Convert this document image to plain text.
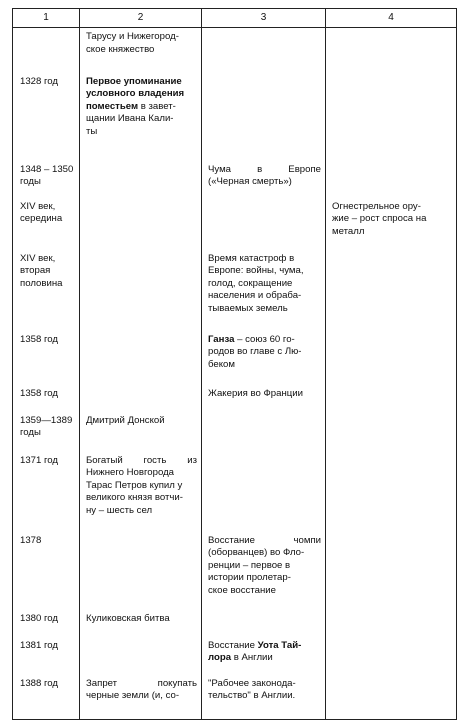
1	2	3	4

	Тарусу и Нижегород-
ское княжество		

1328 год	Первое упоминание
условного владения
поместьем в завет-
щании Ивана Кали-
ты		

1348 – 1350
годы		Чума в Европе
(«Черная смерть»)	

XIV век,
середина			Огнестрельное ору-
жие – рост спроса на
металл

XIV век,
вторая
половина		Время катастроф в
Европе: войны, чума,
голод, сокращение
населения и обраба-
тываемых земель	

1358 год		Ганза – союз 60 го-
родов во главе с Лю-
беком	

1358 год		Жакерия во Франции	

1359—1389
годы	Дмитрий Донской		

1371 год	Богатый гость из
Нижнего Новгорода
Тарас Петров купил у
великого князя вотчи-
ну – шесть сел		

1378		Восстание чомпи
(оборванцев) во Фло-
ренции – первое в
истории пролетар-
ское восстание	

1380 год	Куликовская битва		

1381 год		Восстание Уота Тай-
лора в Англии	

1388 год	Запрет покупать
черные земли (и, со-	"Рабочее законода-
тельство" в Англии.	
